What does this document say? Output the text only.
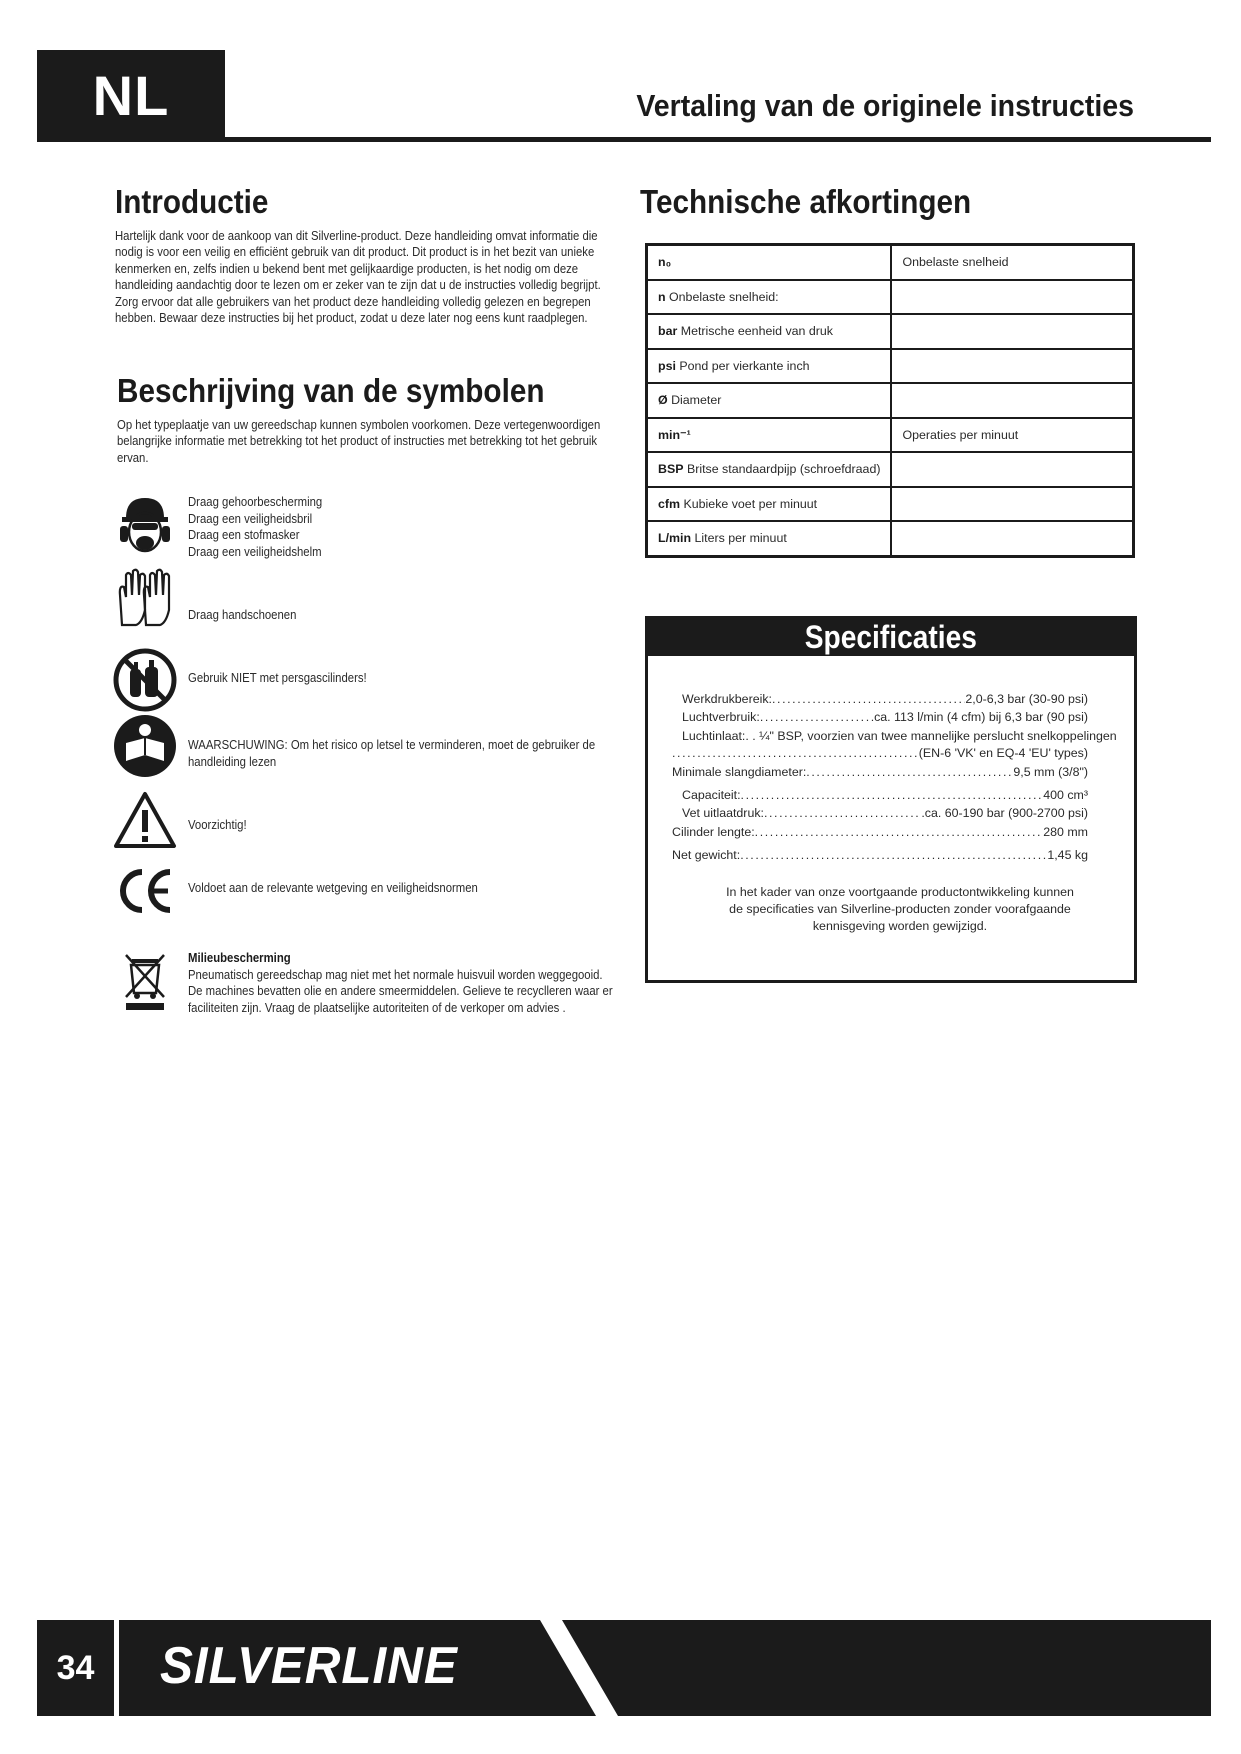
NL	Vertaling van de originele instructies
Introductie
Hartelijk dank voor de aankoop van dit Silverline-product. Deze handleiding omvat informatie die
nodig is voor een veilig en efficiënt gebruik van dit product. Dit product is in het bezit van unieke
kenmerken en, zelfs indien u bekend bent met gelijkaardige producten, is het nodig om deze
handleiding aandachtig door te lezen om er zeker van te zijn dat u de instructies volledig begrijpt.
Zorg ervoor dat alle gebruikers van het product deze handleiding volledig gelezen en begrepen
hebben. Bewaar deze instructies bij het product, zodat u deze later nog eens kunt raadplegen.
Beschrijving van de symbolen
Op het typeplaatje van uw gereedschap kunnen symbolen voorkomen. Deze vertegenwoordigen
belangrijke informatie met betrekking tot het product of instructies met betrekking tot het gebruik
ervan.
Draag gehoorbescherming
Draag een veiligheidsbril
Draag een stofmasker
Draag een veiligheidshelm
Draag handschoenen
Gebruik NIET met persgascilinders!
WAARSCHUWING: Om het risico op letsel te verminderen, moet de gebruiker de
handleiding lezen
Voorzichtig!
Voldoet aan de relevante wetgeving en veiligheidsnormen
Milieubescherming
Pneumatisch gereedschap mag niet met het normale huisvuil worden weggegooid.
De machines bevatten olie en andere smeermiddelen. Gelieve te recyclleren waar er
faciliteiten zijn. Vraag de plaatselijke autoriteiten of de verkoper om advies .
Technische afkortingen
n₀	Onbelaste snelheid
n Onbelaste snelheid:	
bar Metrische eenheid van druk	
psi Pond per vierkante inch	
Ø Diameter	
min⁻¹	Operaties per minuut
BSP Britse standaardpijp (schroefdraad)	
cfm Kubieke voet per minuut	
L/min Liters per minuut	
Specificaties
Werkdrukbereik: .....	2,0-6,3 bar (30-90 psi)
Luchtverbruik: .....	ca. 113 l/min (4 cfm) bij 6,3 bar (90 psi)
Luchtinlaat: . . ¼" BSP, voorzien van twee mannelijke perslucht snelkoppelingen
.....
(EN-6 'VK' en EQ-4 'EU' types)
Minimale slangdiameter: .....	9,5 mm (3/8")
Capaciteit: .....	400 cm³
Vet uitlaatdruk: .....	.ca. 60-190 bar (900-2700 psi)
Cilinder lengte: .....	280 mm
Net gewicht: .....	1,45 kg
In het kader van onze voortgaande productontwikkeling kunnen
de specificaties van Silverline-producten zonder voorafgaande
kennisgeving worden gewijzigd.
34	SILVERLINE
